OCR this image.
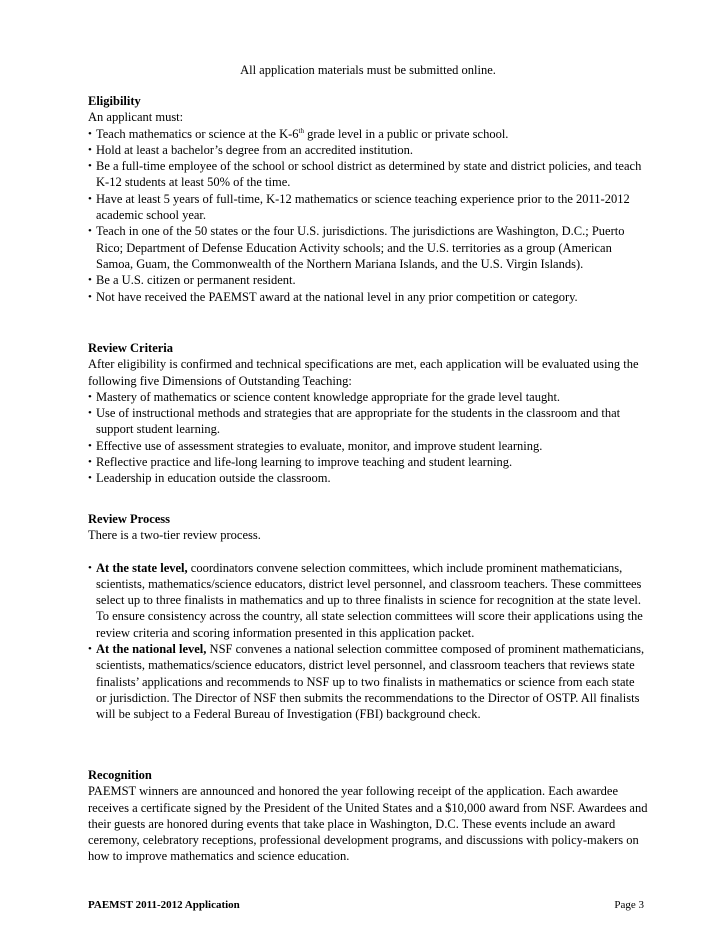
All application materials must be submitted online.
Eligibility
An applicant must:
• Teach mathematics or science at the K-6th grade level in a public or private school.
• Hold at least a bachelor’s degree from an accredited institution.
• Be a full-time employee of the school or school district as determined by state and district policies, and teach K-12 students at least 50% of the time.
• Have at least 5 years of full-time, K-12 mathematics or science teaching experience prior to the 2011-2012 academic school year.
• Teach in one of the 50 states or the four U.S. jurisdictions. The jurisdictions are Washington, D.C.; Puerto Rico; Department of Defense Education Activity schools; and the U.S. territories as a group (American Samoa, Guam, the Commonwealth of the Northern Mariana Islands, and the U.S. Virgin Islands).
• Be a U.S. citizen or permanent resident.
• Not have received the PAEMST award at the national level in any prior competition or category.
Review Criteria
After eligibility is confirmed and technical specifications are met, each application will be evaluated using the following five Dimensions of Outstanding Teaching:
• Mastery of mathematics or science content knowledge appropriate for the grade level taught.
• Use of instructional methods and strategies that are appropriate for the students in the classroom and that support student learning.
• Effective use of assessment strategies to evaluate, monitor, and improve student learning.
• Reflective practice and life-long learning to improve teaching and student learning.
• Leadership in education outside the classroom.
Review Process
There is a two-tier review process.
• At the state level, coordinators convene selection committees, which include prominent mathematicians, scientists, mathematics/science educators, district level personnel, and classroom teachers. These committees select up to three finalists in mathematics and up to three finalists in science for recognition at the state level. To ensure consistency across the country, all state selection committees will score their applications using the review criteria and scoring information presented in this application packet.
• At the national level, NSF convenes a national selection committee composed of prominent mathematicians, scientists, mathematics/science educators, district level personnel, and classroom teachers that reviews state finalists’ applications and recommends to NSF up to two finalists in mathematics or science from each state or jurisdiction. The Director of NSF then submits the recommendations to the Director of OSTP. All finalists will be subject to a Federal Bureau of Investigation (FBI) background check.
Recognition
PAEMST winners are announced and honored the year following receipt of the application. Each awardee receives a certificate signed by the President of the United States and a $10,000 award from NSF. Awardees and their guests are honored during events that take place in Washington, D.C. These events include an award ceremony, celebratory receptions, professional development programs, and discussions with policy-makers on how to improve mathematics and science education.
PAEMST 2011-2012 Application	Page 3
